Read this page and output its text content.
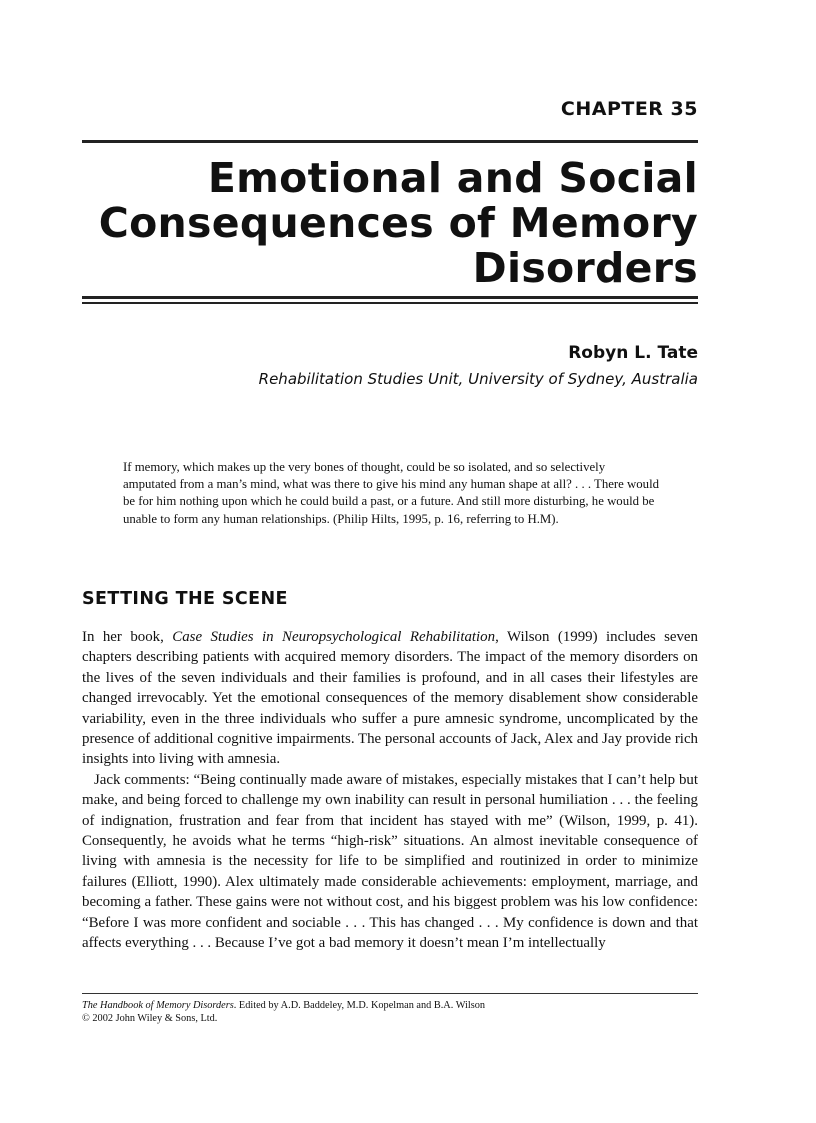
CHAPTER 35
Emotional and Social
Consequences of Memory
Disorders
Robyn L. Tate
Rehabilitation Studies Unit, University of Sydney, Australia

If memory, which makes up the very bones of thought, could be so isolated, and so selectively amputated from a man’s mind, what was there to give his mind any human shape at all? . . . There would be for him nothing upon which he could build a past, or a future. And still more disturbing, he would be unable to form any human relationships. (Philip Hilts, 1995, p. 16, referring to H.M).

SETTING THE SCENE

In her book, Case Studies in Neuropsychological Rehabilitation, Wilson (1999) includes seven chapters describing patients with acquired memory disorders. The impact of the memory disorders on the lives of the seven individuals and their families is profound, and in all cases their lifestyles are changed irrevocably. Yet the emotional consequences of the memory disablement show considerable variability, even in the three individuals who suffer a pure amnesic syndrome, uncomplicated by the presence of additional cognitive impairments. The personal accounts of Jack, Alex and Jay provide rich insights into living with amnesia.

Jack comments: “Being continually made aware of mistakes, especially mistakes that I can’t help but make, and being forced to challenge my own inability can result in personal humiliation . . . the feeling of indignation, frustration and fear from that incident has stayed with me” (Wilson, 1999, p. 41). Consequently, he avoids what he terms “high-risk” situations. An almost inevitable consequence of living with amnesia is the necessity for life to be simplified and routinized in order to minimize failures (Elliott, 1990). Alex ultimately made considerable achievements: employment, marriage, and becoming a father. These gains were not without cost, and his biggest problem was his low confidence: “Before I was more confident and sociable . . . This has changed . . . My confidence is down and that affects everything . . . Because I’ve got a bad memory it doesn’t mean I’m intellectually

The Handbook of Memory Disorders. Edited by A.D. Baddeley, M.D. Kopelman and B.A. Wilson
© 2002 John Wiley & Sons, Ltd.
